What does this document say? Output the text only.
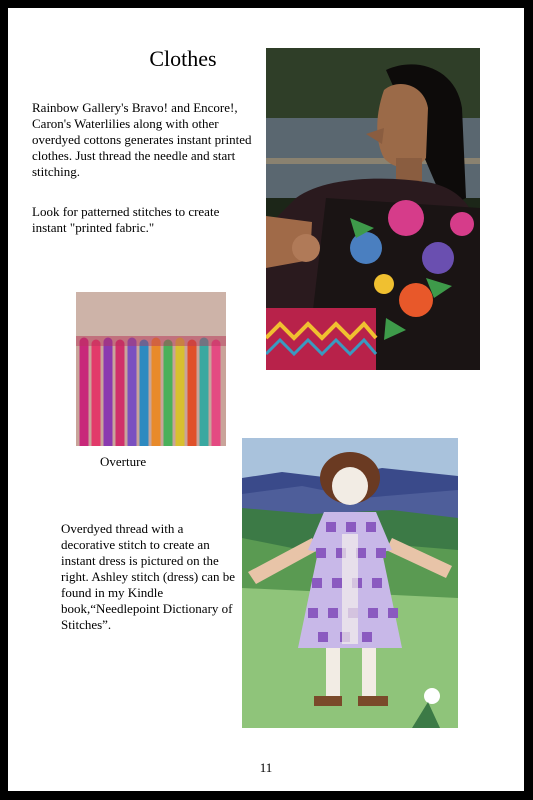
Clothes

Rainbow Gallery's Bravo! and Encore!, Caron's Waterlilies along with other overdyed cottons generates instant printed clothes. Just thread the needle and start stitching.

Look for patterned stitches to create instant "printed fabric."

Overture

Overdyed thread with a decorative stitch to create an instant dress is pictured on the right. Ashley stitch (dress) can be found in my Kindle book,“Needlepoint Dictionary of Stitches”.

11
